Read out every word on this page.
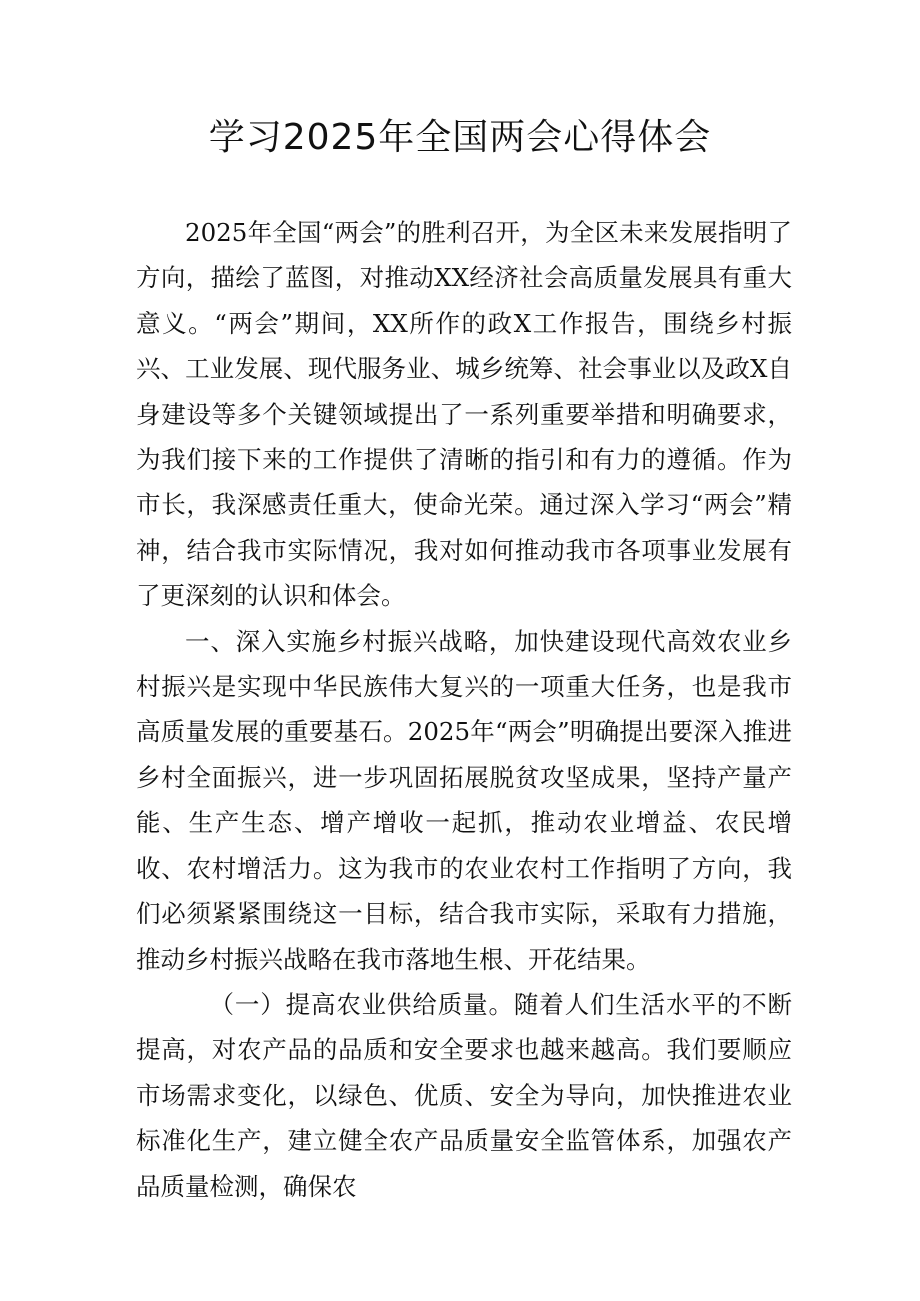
学习2025年全国两会心得体会

2025年全国“两会”的胜利召开，为全区未来发展指明了方向，描绘了蓝图，对推动XX经济社会高质量发展具有重大意义。“两会”期间，XX所作的政X工作报告，围绕乡村振兴、工业发展、现代服务业、城乡统筹、社会事业以及政X自身建设等多个关键领域提出了一系列重要举措和明确要求，为我们接下来的工作提供了清晰的指引和有力的遵循。作为市长，我深感责任重大，使命光荣。通过深入学习“两会”精神，结合我市实际情况，我对如何推动我市各项事业发展有了更深刻的认识和体会。

一、深入实施乡村振兴战略，加快建设现代高效农业乡村振兴是实现中华民族伟大复兴的一项重大任务，也是我市高质量发展的重要基石。2025年“两会”明确提出要深入推进乡村全面振兴，进一步巩固拓展脱贫攻坚成果，坚持产量产能、生产生态、增产增收一起抓，推动农业增益、农民增收、农村增活力。这为我市的农业农村工作指明了方向，我们必须紧紧围绕这一目标，结合我市实际，采取有力措施，推动乡村振兴战略在我市落地生根、开花结果。

（一）提高农业供给质量。随着人们生活水平的不断提高，对农产品的品质和安全要求也越来越高。我们要顺应市场需求变化，以绿色、优质、安全为导向，加快推进农业标准化生产，建立健全农产品质量安全监管体系，加强农产品质量检测，确保农
